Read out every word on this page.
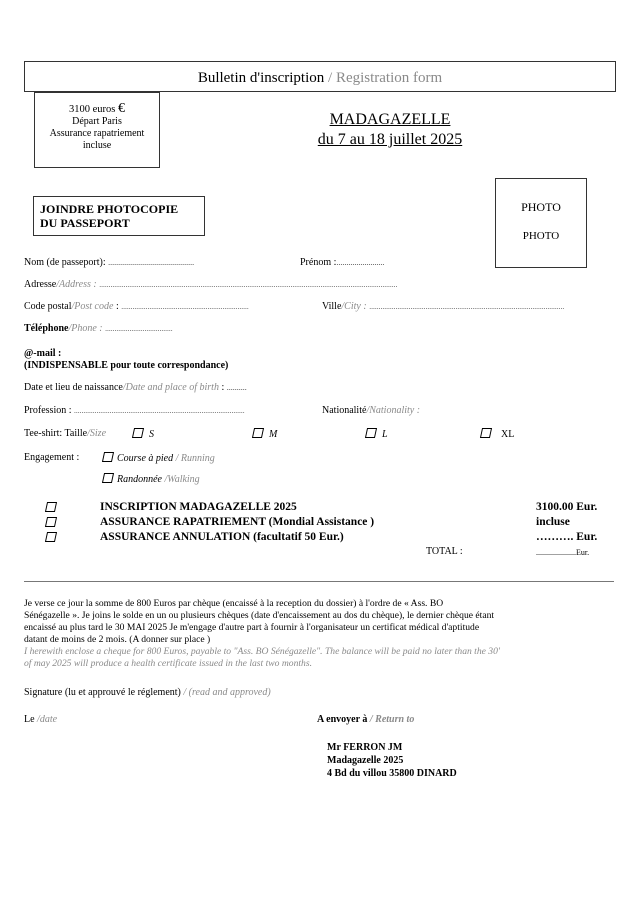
Bulletin d'inscription / Registration form
3100 euros €
Départ Paris
Assurance rapatriement
incluse
MADAGAZELLE
du 7 au 18 juillet 2025
JOINDRE PHOTOCOPIE
DU PASSEPORT
PHOTO
PHOTO
Nom (de passeport): ...........................................	Prénom :........................
Adresse/Address : ...............................................................................................................................................................
Code postal/Post code : ....................................................................	Ville/City : ........................................................................................................
Téléphone/Phone : ....................................
@-mail :
(INDISPENSABLE pour toute correspondance)
Date et lieu de naissance/Date and place of birth : ..........
Profession : ...........................................................................................	Nationalité/Nationality :
Tee-shirt: Taille/Size	S	M	L	XL
Engagement :	Course à pied / Running
Randonnée /Walking
INSCRIPTION MADAGAZELLE 2025	3100.00 Eur.
ASSURANCE RAPATRIEMENT (Mondial Assistance )	incluse
ASSURANCE ANNULATION (facultatif 50 Eur.)	………. Eur.
TOTAL :	....................Eur.
Je verse ce jour la somme de 800 Euros par chèque (encaissé à la reception du dossier) à l'ordre de « Ass. BO
Sénégazelle ». Je joins le solde en un ou plusieurs chèques (date d'encaissement au dos du chèque), le dernier chèque étant
encaissé au plus tard le 30 MAI 2025 Je m'engage d'autre part à fournir à l'organisateur un certificat médical d'aptitude
datant de moins de 2 mois. (A donner sur place )
I herewith enclose a cheque for 800 Euros, payable to "Ass. BO Sénégazelle". The balance will be paid no later than the 30'
of may 2025 will produce a health certificate issued in the last two months.
Signature (lu et approuvé le réglement) / (read and approved)
Le /date	A envoyer à / Return to
Mr FERRON JM
Madagazelle 2025
4 Bd du villou 35800 DINARD
